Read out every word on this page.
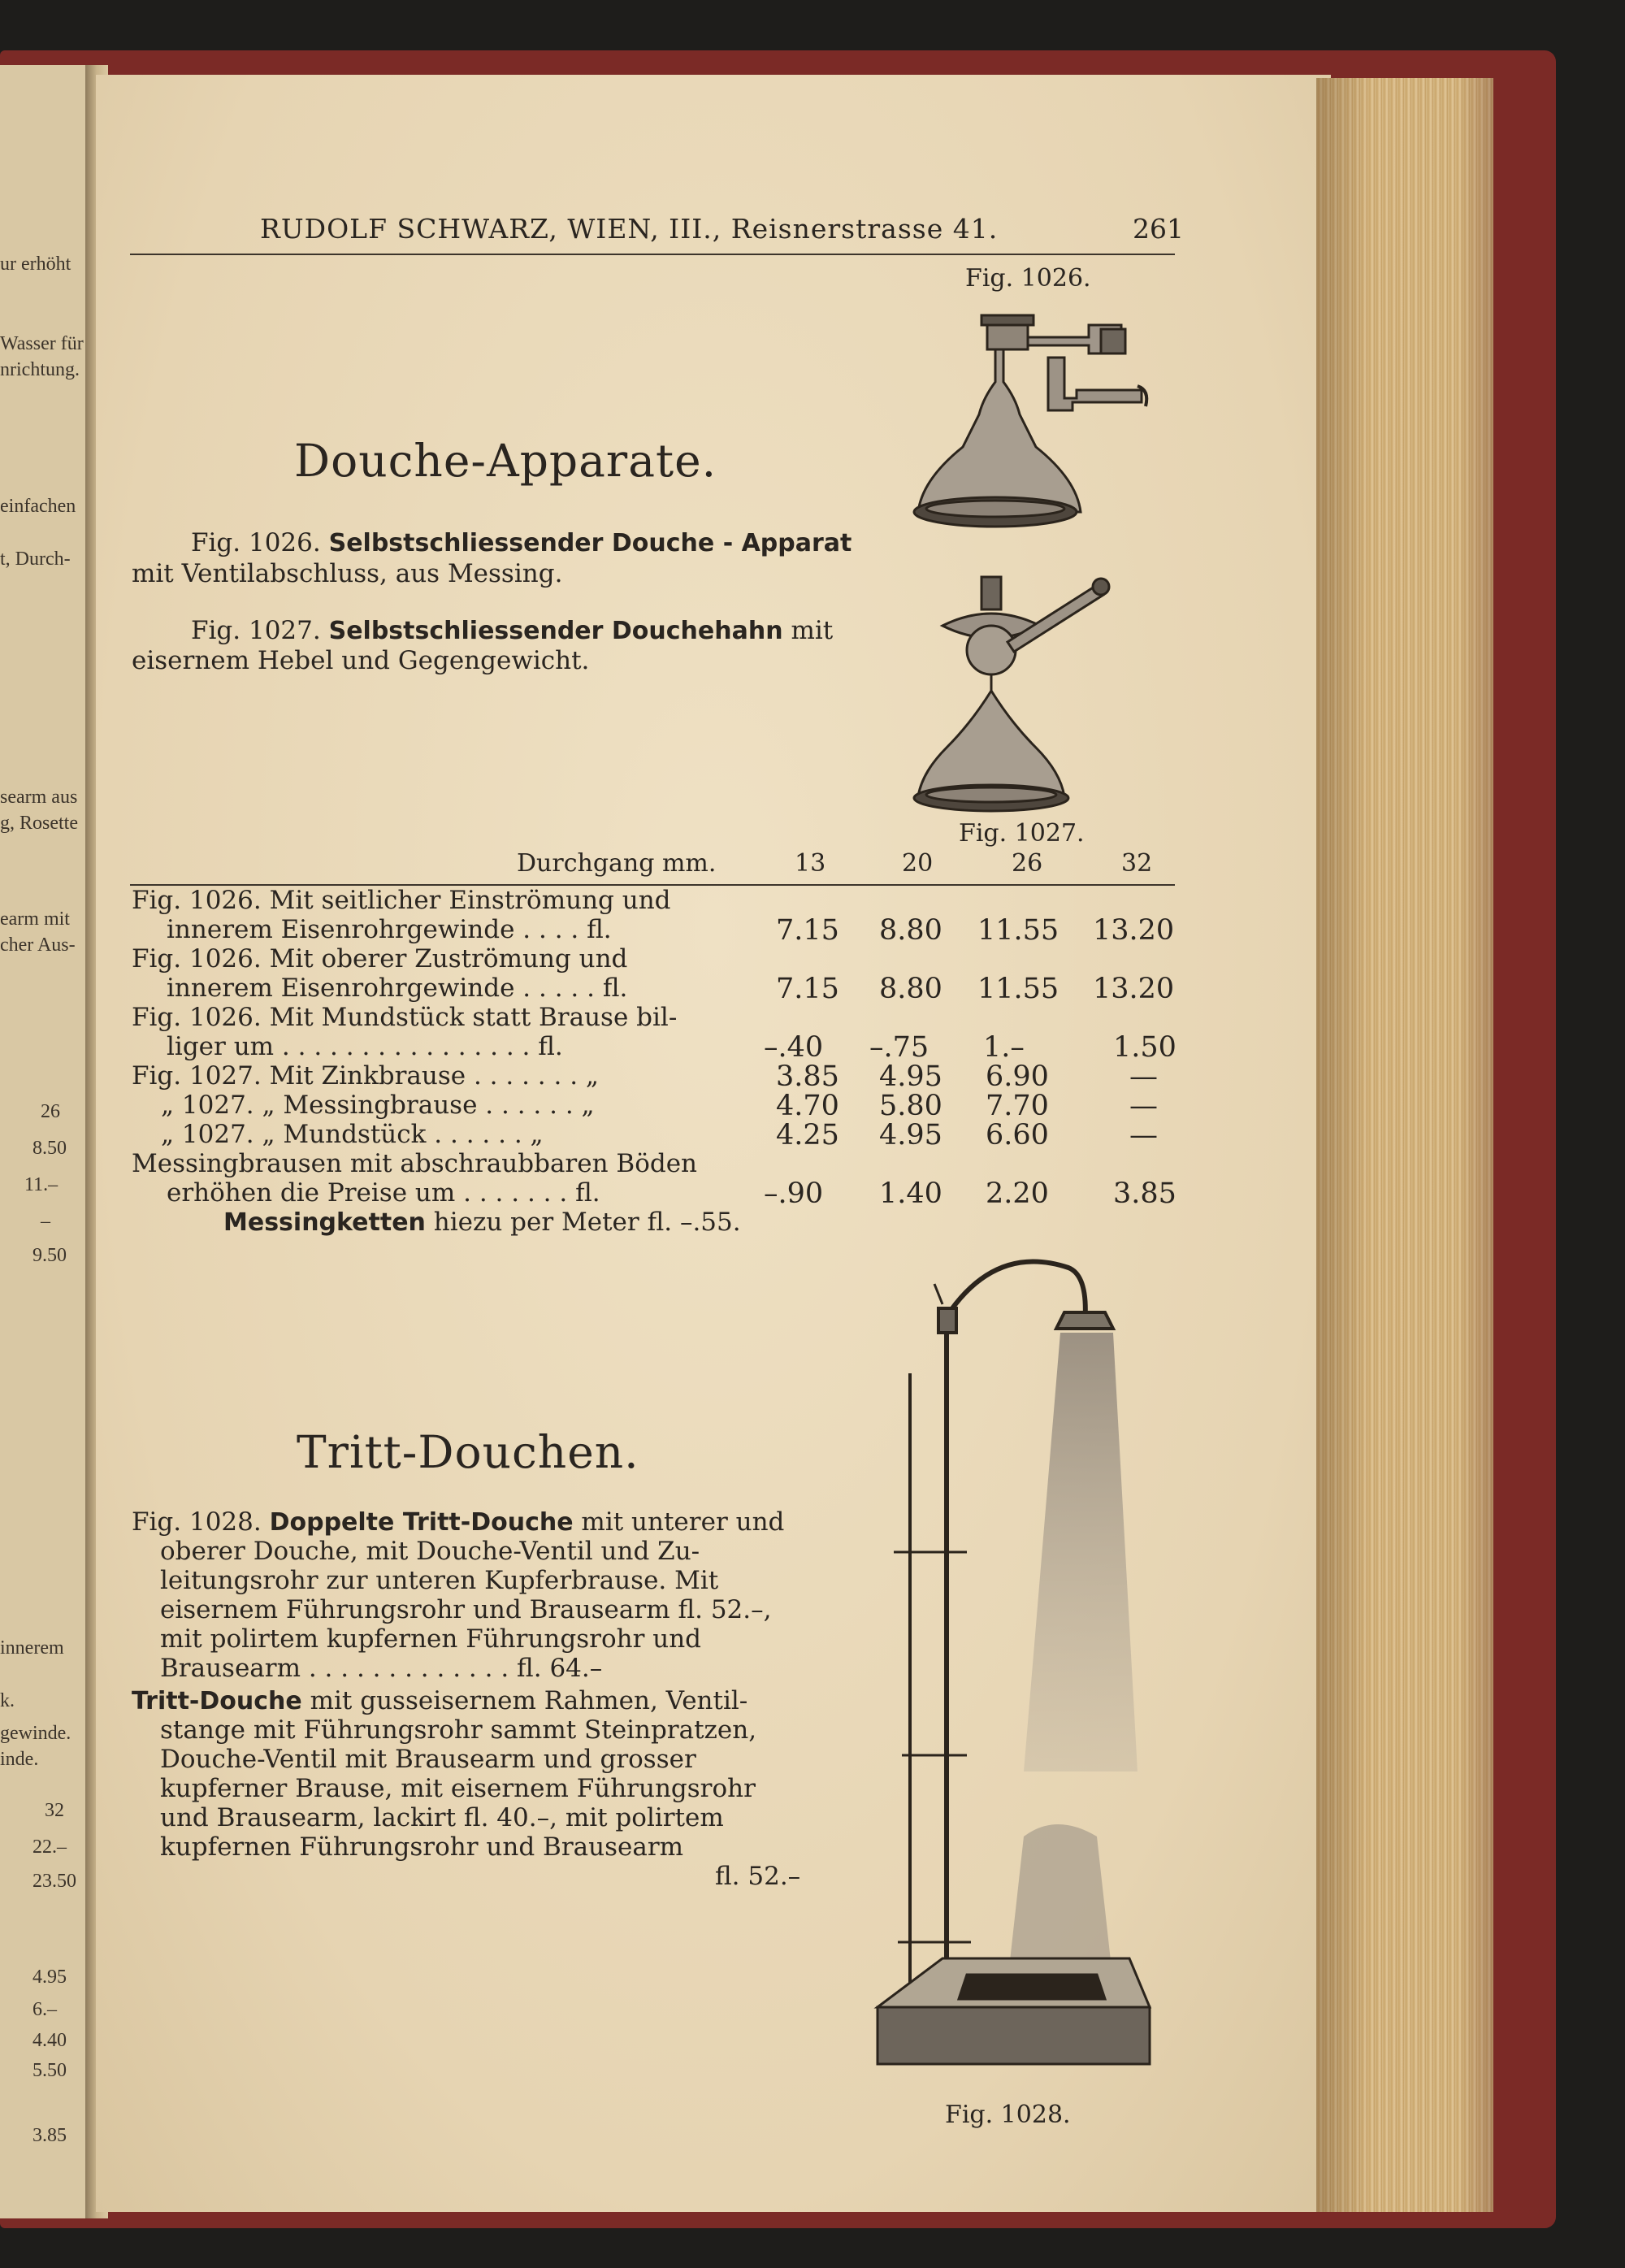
ur erhöht
Wasser für
nrichtung.
einfachen
t, Durch-
searm aus
g, Rosette
earm mit
cher Aus-
26
8.50
11.–
–
9.50
innerem
k.
gewinde.
inde.
32
22.–
23.50
4.95
6.–
4.40
5.50
3.85
RUDOLF SCHWARZ, WIEN, III., Reisnerstrasse 41.	261
Fig. 1026.
Douche-Apparate.
Fig. 1026. Selbstschliessender Douche - Apparat
mit Ventilabschluss, aus Messing.
Fig. 1027. Selbstschliessender Douchehahn mit
eisernem Hebel und Gegengewicht.
Fig. 1027.
Durchgang mm.	13	20	26	32
Fig. 1026. Mit seitlicher Einströmung und
innerem Eisenrohrgewinde . . . . fl.	7.15 8.80 11.55 13.20
Fig. 1026. Mit oberer Zuströmung und
innerem Eisenrohrgewinde . . . . . fl.	7.15 8.80 11.55 13.20
Fig. 1026. Mit Mundstück statt Brause bil-
liger um . . . . . . . . . . . . . . . . fl.	–.40 –.75 1.–	1.50
Fig. 1027. Mit Zinkbrause . . . . . . . „	3.85 4.95 6.90	—
„ 1027. „ Messingbrause . . . . . . „	4.70 5.80 7.70	—
„ 1027. „ Mundstück . . . . . . „	4.25 4.95 6.60	—
Messingbrausen mit abschraubbaren Böden
erhöhen die Preise um . . . . . . . fl.	–.90 1.40 2.20 3.85
Messingketten hiezu per Meter fl. –.55.
Tritt-Douchen.
Fig. 1028. Doppelte Tritt-Douche mit unterer und
oberer Douche, mit Douche-Ventil und Zu-
leitungsrohr zur unteren Kupferbrause. Mit
eisernem Führungsrohr und Brausearm fl. 52.–,
mit polirtem kupfernen Führungsrohr und
Brausearm . . . . . . . . . . . . . fl. 64.–
Tritt-Douche mit gusseisernem Rahmen, Ventil-
stange mit Führungsrohr sammt Steinpratzen,
Douche-Ventil mit Brausearm und grosser
kupferner Brause, mit eisernem Führungsrohr
und Brausearm, lackirt fl. 40.–, mit polirtem
kupfernen Führungsrohr und Brausearm
fl. 52.–
Fig. 1028.
